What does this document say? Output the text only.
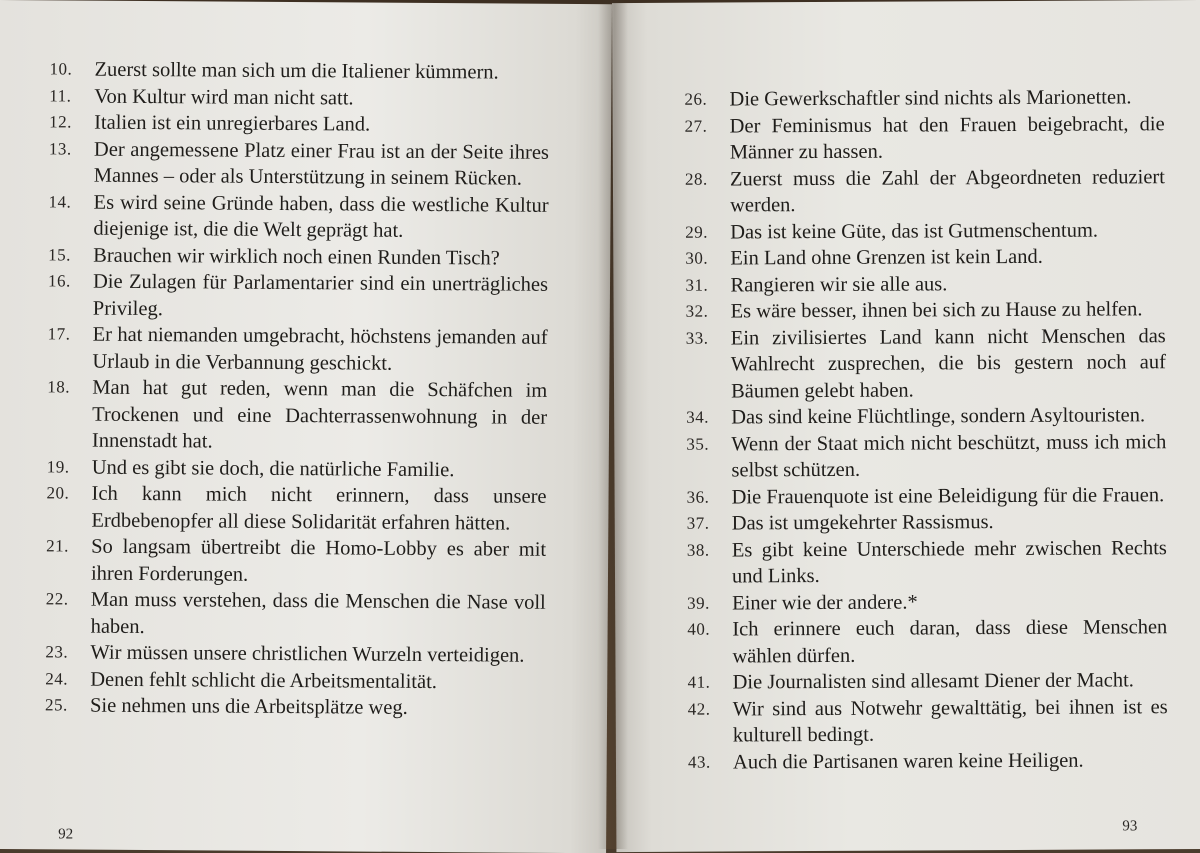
10.	Zuerst sollte man sich um die Italiener kümmern.
11.	Von Kultur wird man nicht satt.
12.	Italien ist ein unregierbares Land.
13.	Der angemessene Platz einer Frau ist an der Seite ihres Mannes – oder als Unterstützung in seinem Rücken.
14.	Es wird seine Gründe haben, dass die westliche Kultur diejenige ist, die die Welt geprägt hat.
15.	Brauchen wir wirklich noch einen Runden Tisch?
16.	Die Zulagen für Parlamentarier sind ein unerträgliches Privileg.
17.	Er hat niemanden umgebracht, höchstens jemanden auf Urlaub in die Verbannung geschickt.
18.	Man hat gut reden, wenn man die Schäfchen im Trockenen und eine Dachterrassenwohnung in der Innenstadt hat.
19.	Und es gibt sie doch, die natürliche Familie.
20.	Ich kann mich nicht erinnern, dass unsere Erdbebenopfer all diese Solidarität erfahren hätten.
21.	So langsam übertreibt die Homo-Lobby es aber mit ihren Forderungen.
22.	Man muss verstehen, dass die Menschen die Nase voll haben.
23.	Wir müssen unsere christlichen Wurzeln verteidigen.
24.	Denen fehlt schlicht die Arbeitsmentalität.
25.	Sie nehmen uns die Arbeitsplätze weg.
92
26.	Die Gewerkschaftler sind nichts als Marionetten.
27.	Der Feminismus hat den Frauen beigebracht, die Männer zu hassen.
28.	Zuerst muss die Zahl der Abgeordneten reduziert werden.
29.	Das ist keine Güte, das ist Gutmenschentum.
30.	Ein Land ohne Grenzen ist kein Land.
31.	Rangieren wir sie alle aus.
32.	Es wäre besser, ihnen bei sich zu Hause zu helfen.
33.	Ein zivilisiertes Land kann nicht Menschen das Wahlrecht zusprechen, die bis gestern noch auf Bäumen gelebt haben.
34.	Das sind keine Flüchtlinge, sondern Asyltouristen.
35.	Wenn der Staat mich nicht beschützt, muss ich mich selbst schützen.
36.	Die Frauenquote ist eine Beleidigung für die Frauen.
37.	Das ist umgekehrter Rassismus.
38.	Es gibt keine Unterschiede mehr zwischen Rechts und Links.
39.	Einer wie der andere.*
40.	Ich erinnere euch daran, dass diese Menschen wählen dürfen.
41.	Die Journalisten sind allesamt Diener der Macht.
42.	Wir sind aus Notwehr gewalttätig, bei ihnen ist es kulturell bedingt.
43.	Auch die Partisanen waren keine Heiligen.
93
